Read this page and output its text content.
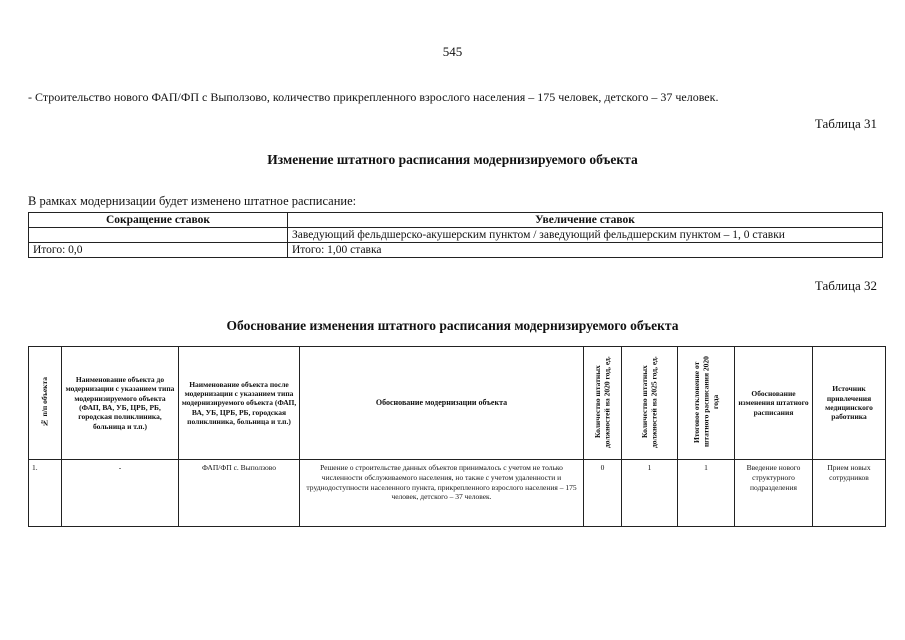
545
- Строительство нового ФАП/ФП с Выползово, количество прикрепленного взрослого населения – 175 человек, детского – 37 человек.
Таблица 31
Изменение штатного расписания модернизируемого объекта
В рамках модернизации будет изменено штатное расписание:
Сокращение ставок	Увеличение ставок
	Заведующий фельдшерско-акушерским пунктом / заведующий фельдшерским пунктом – 1, 0 ставки
Итого: 0,0	Итого: 1,00 ставка
Таблица 32
Обоснование изменения штатного расписания модернизируемого объекта
№ п/п объекта	Наименование объекта до модернизации с указанием типа модернизируемого объекта (ФАП, ВА, УБ, ЦРБ, РБ, городская поликлиника, больница и т.п.)	Наименование объекта после модернизации с указанием типа модернизируемого объекта (ФАП, ВА, УБ, ЦРБ, РБ, городская поликлиника, больница и т.п.)	Обоснование модернизации объекта	Количество штатных должностей на 2020 год, ед.	Количество штатных должностей на 2025 год, ед.	Итоговое отклонение от штатного расписания 2020 года	Обоснование изменения штатного расписания	Источник привлечения медицинского работника
1.	-	ФАП/ФП с. Выползово	Решение о строительстве данных объектов принималось с учетом не только численности обслуживаемого населения, но также с учетом удаленности и труднодоступности населенного пункта, прикрепленного взрослого населения – 175 человек, детского – 37 человек.	0	1	1	Введение нового структурного подразделения	Прием новых сотрудников
